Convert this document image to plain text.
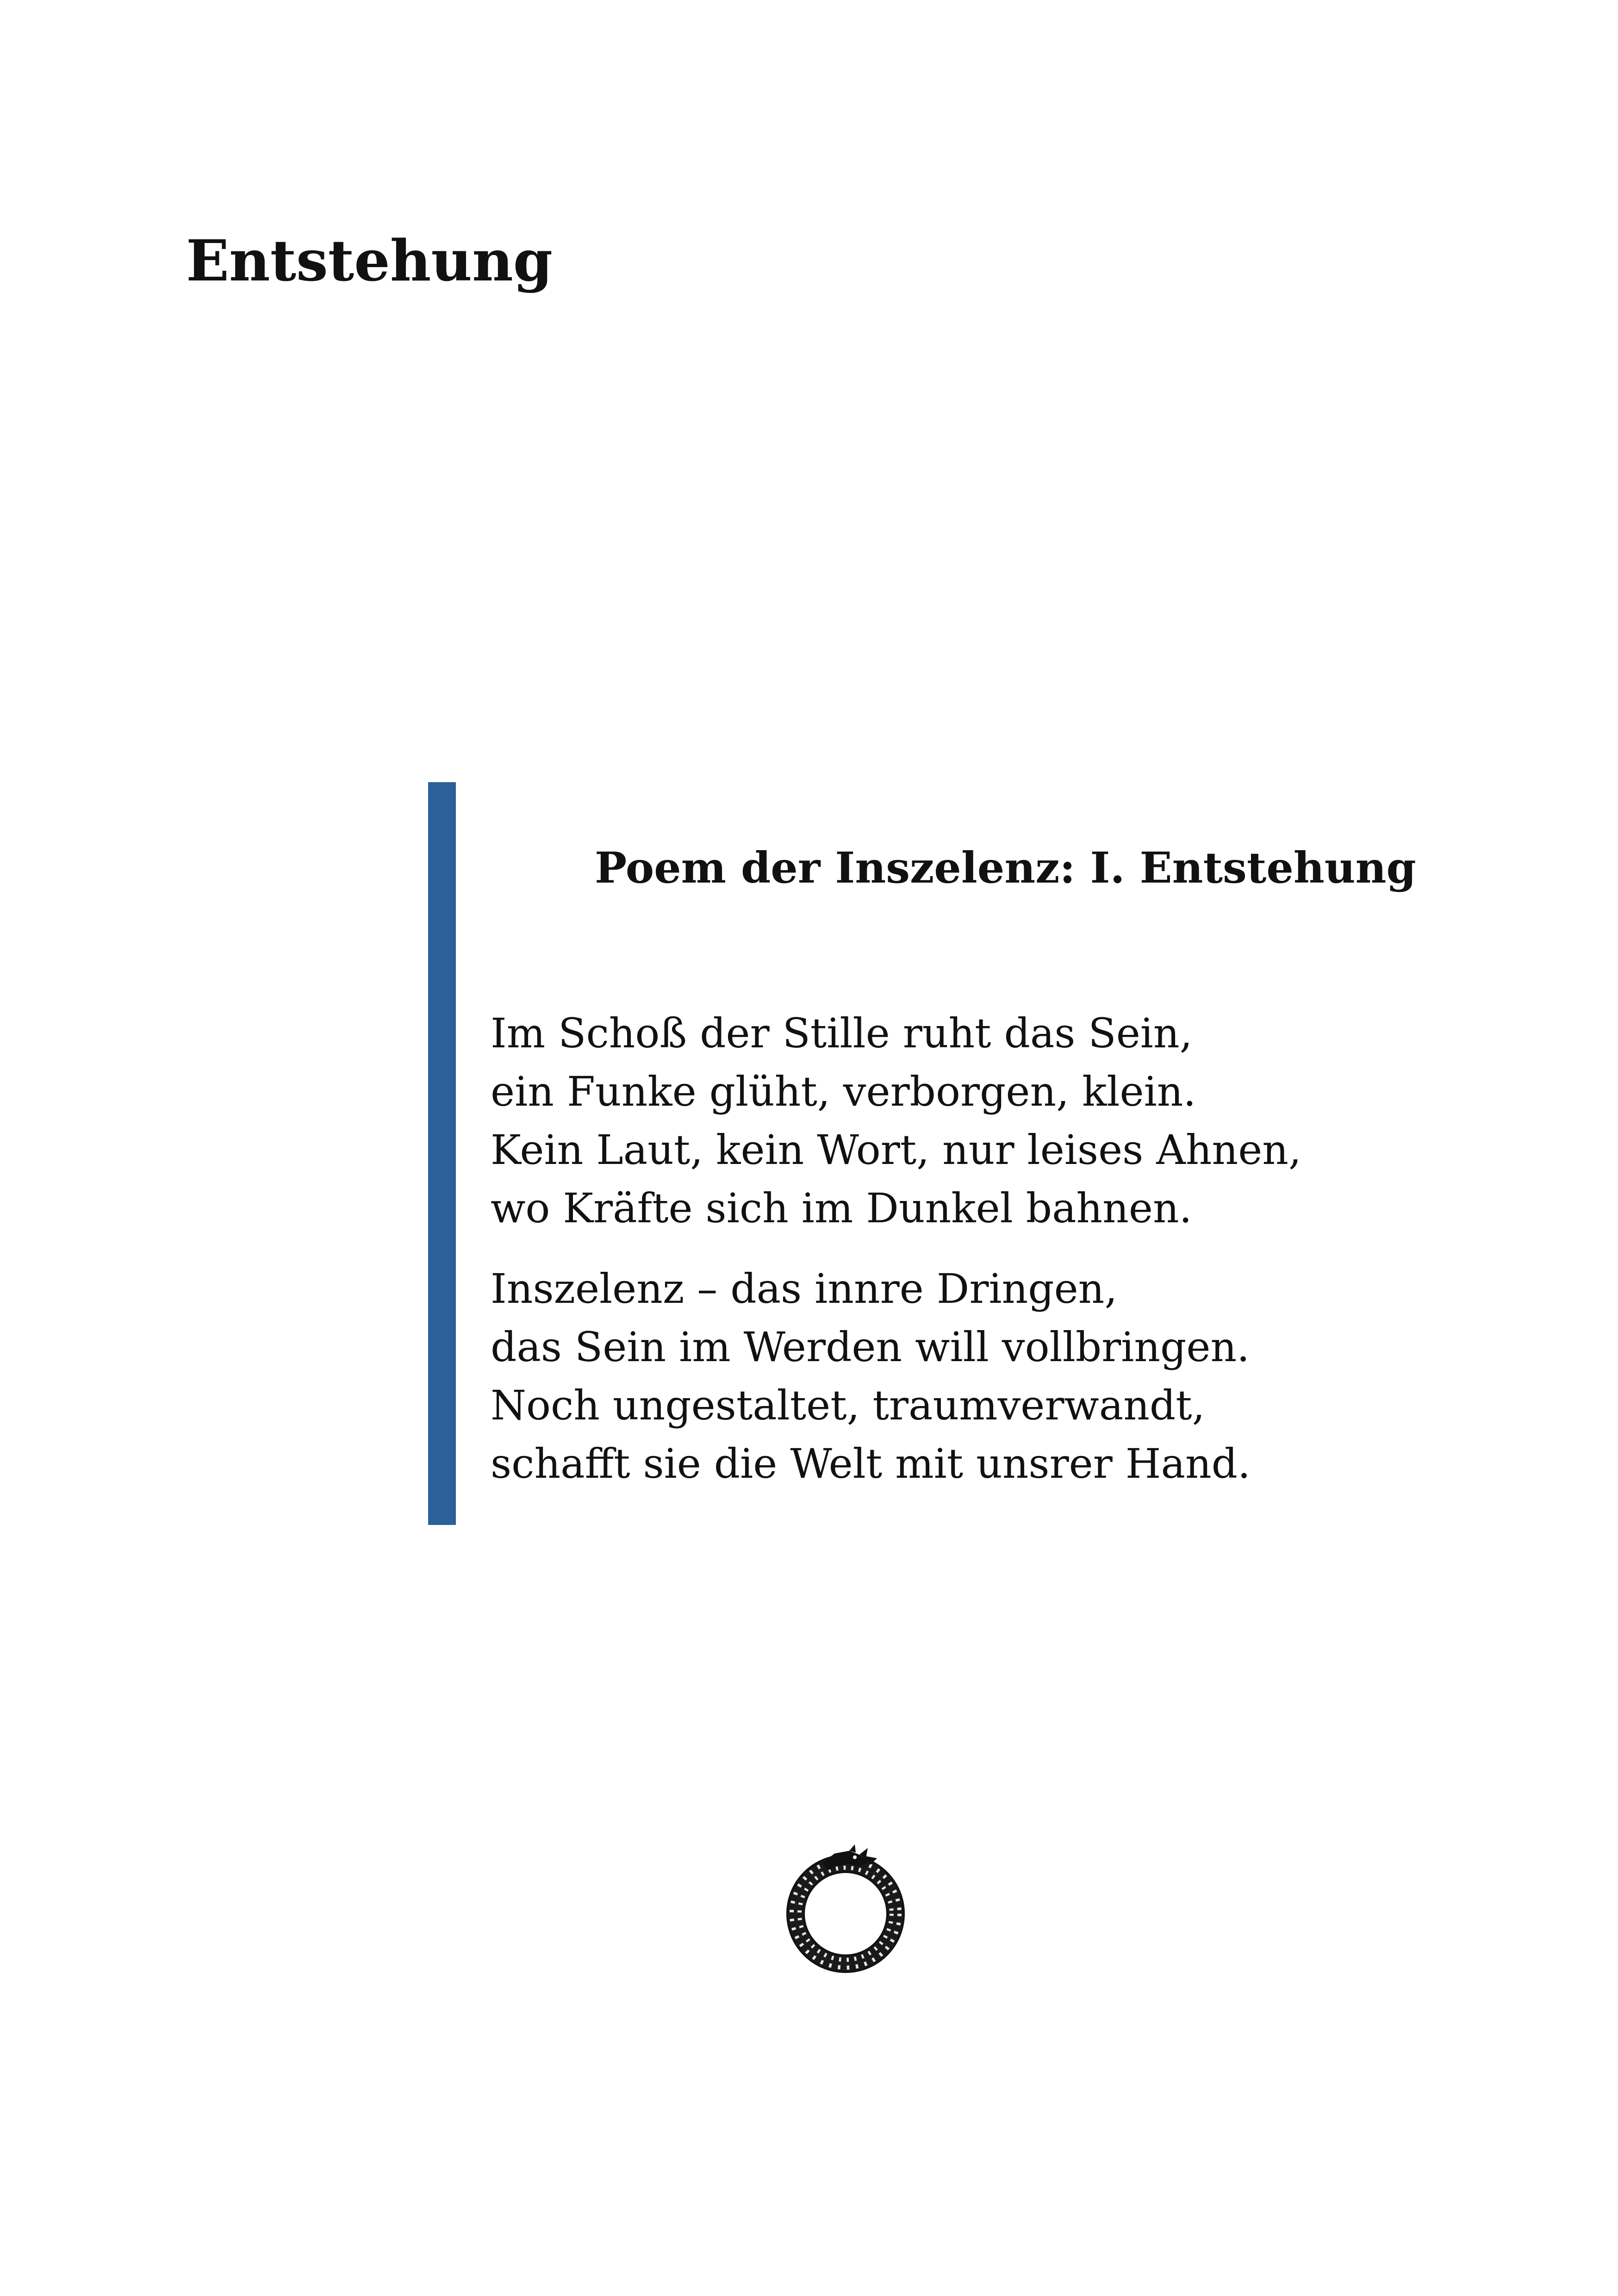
Entstehung
Poem der Inszelenz: I. Entstehung

Im Schoß der Stille ruht das Sein,
ein Funke glüht, verborgen, klein.
Kein Laut, kein Wort, nur leises Ahnen,
wo Kräfte sich im Dunkel bahnen.

Inszelenz – das innre Dringen,
das Sein im Werden will vollbringen.
Noch ungestaltet, traumverwandt,
schafft sie die Welt mit unsrer Hand.
